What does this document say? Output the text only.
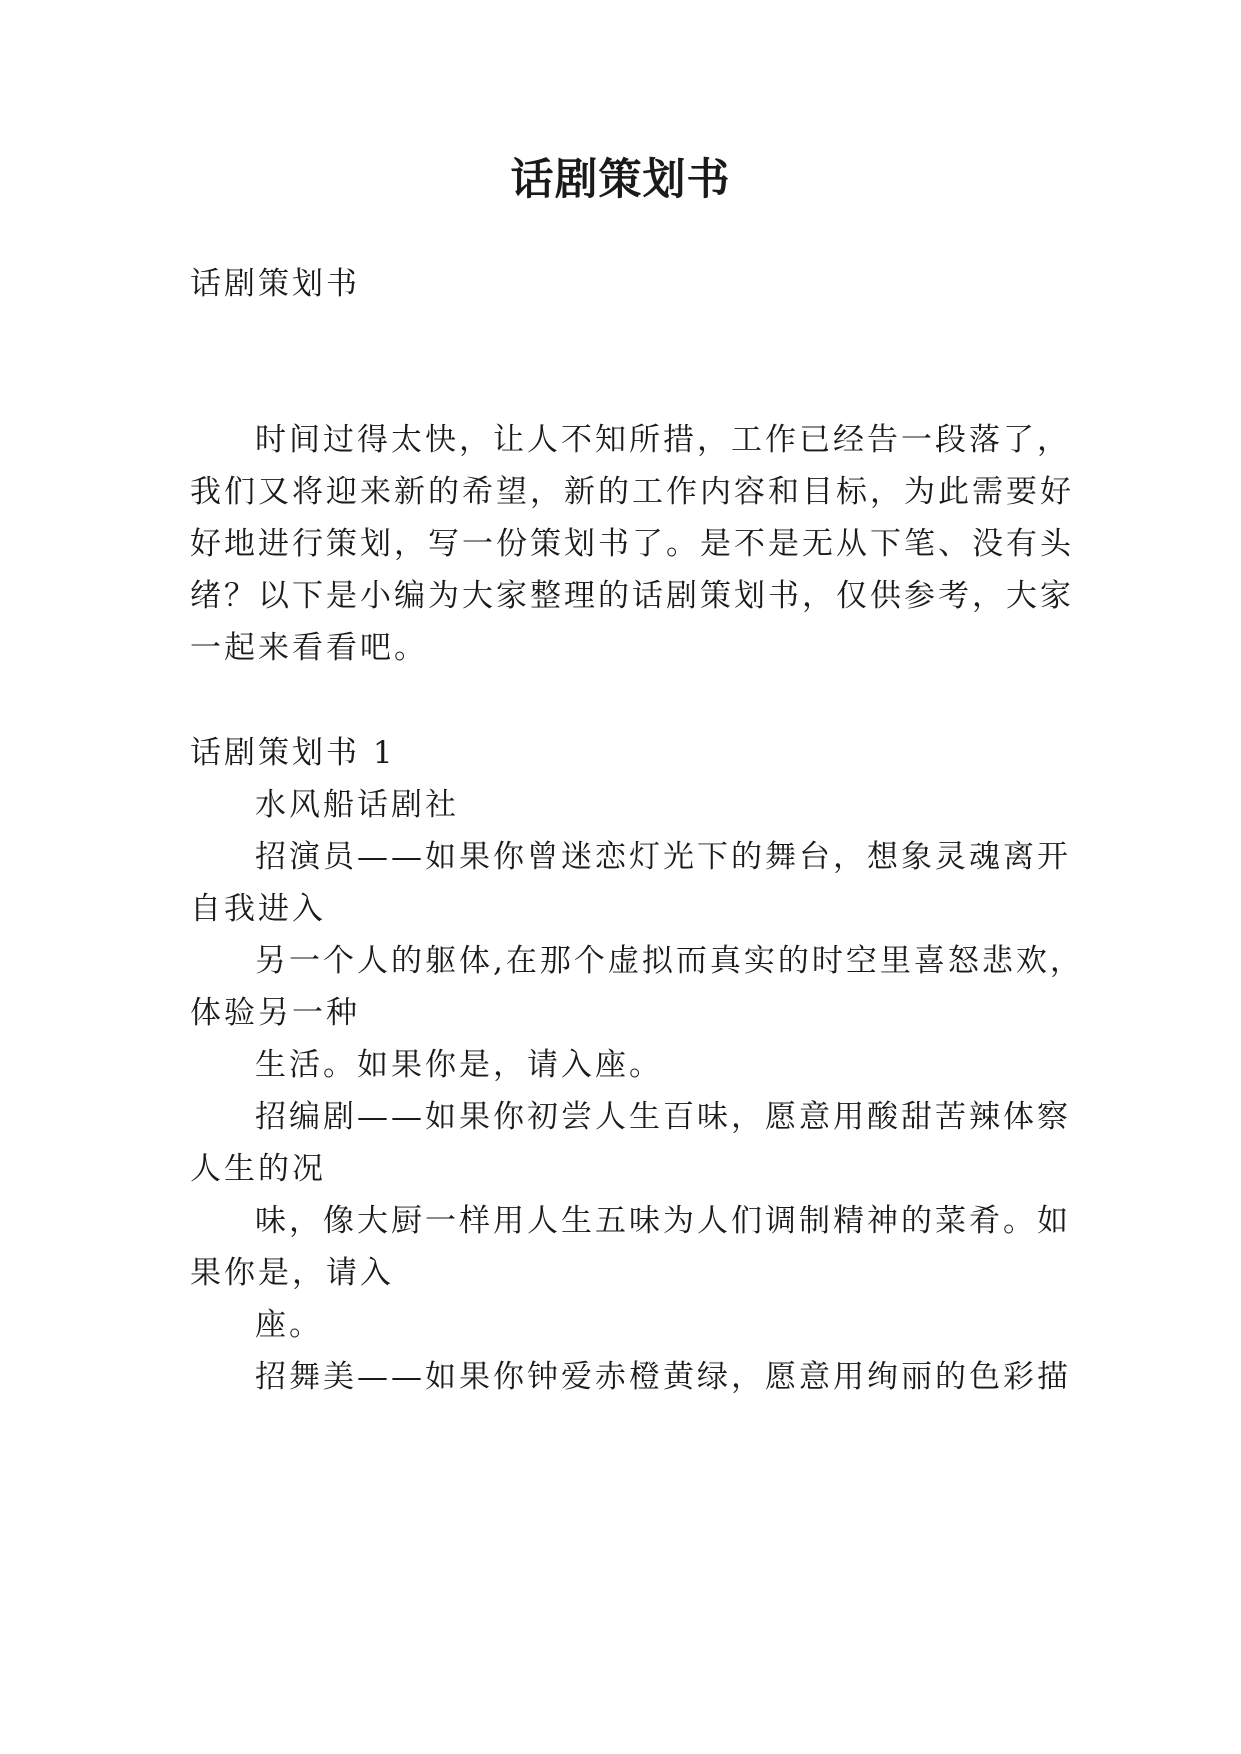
话剧策划书

话剧策划书

时间过得太快，让人不知所措，工作已经告一段落了，

我们又将迎来新的希望，新的工作内容和目标，为此需要好

好地进行策划，写一份策划书了。是不是无从下笔、没有头

绪？以下是小编为大家整理的话剧策划书，仅供参考，大家

一起来看看吧。

话剧策划书 1

水风船话剧社

招演员——如果你曾迷恋灯光下的舞台，想象灵魂离开

自我进入

另一个人的躯体,在那个虚拟而真实的时空里喜怒悲欢，

体验另一种

生活。如果你是，请入座。

招编剧——如果你初尝人生百味，愿意用酸甜苦辣体察

人生的况

味，像大厨一样用人生五味为人们调制精神的菜肴。如

果你是，请入

座。

招舞美——如果你钟爱赤橙黄绿，愿意用绚丽的色彩描
